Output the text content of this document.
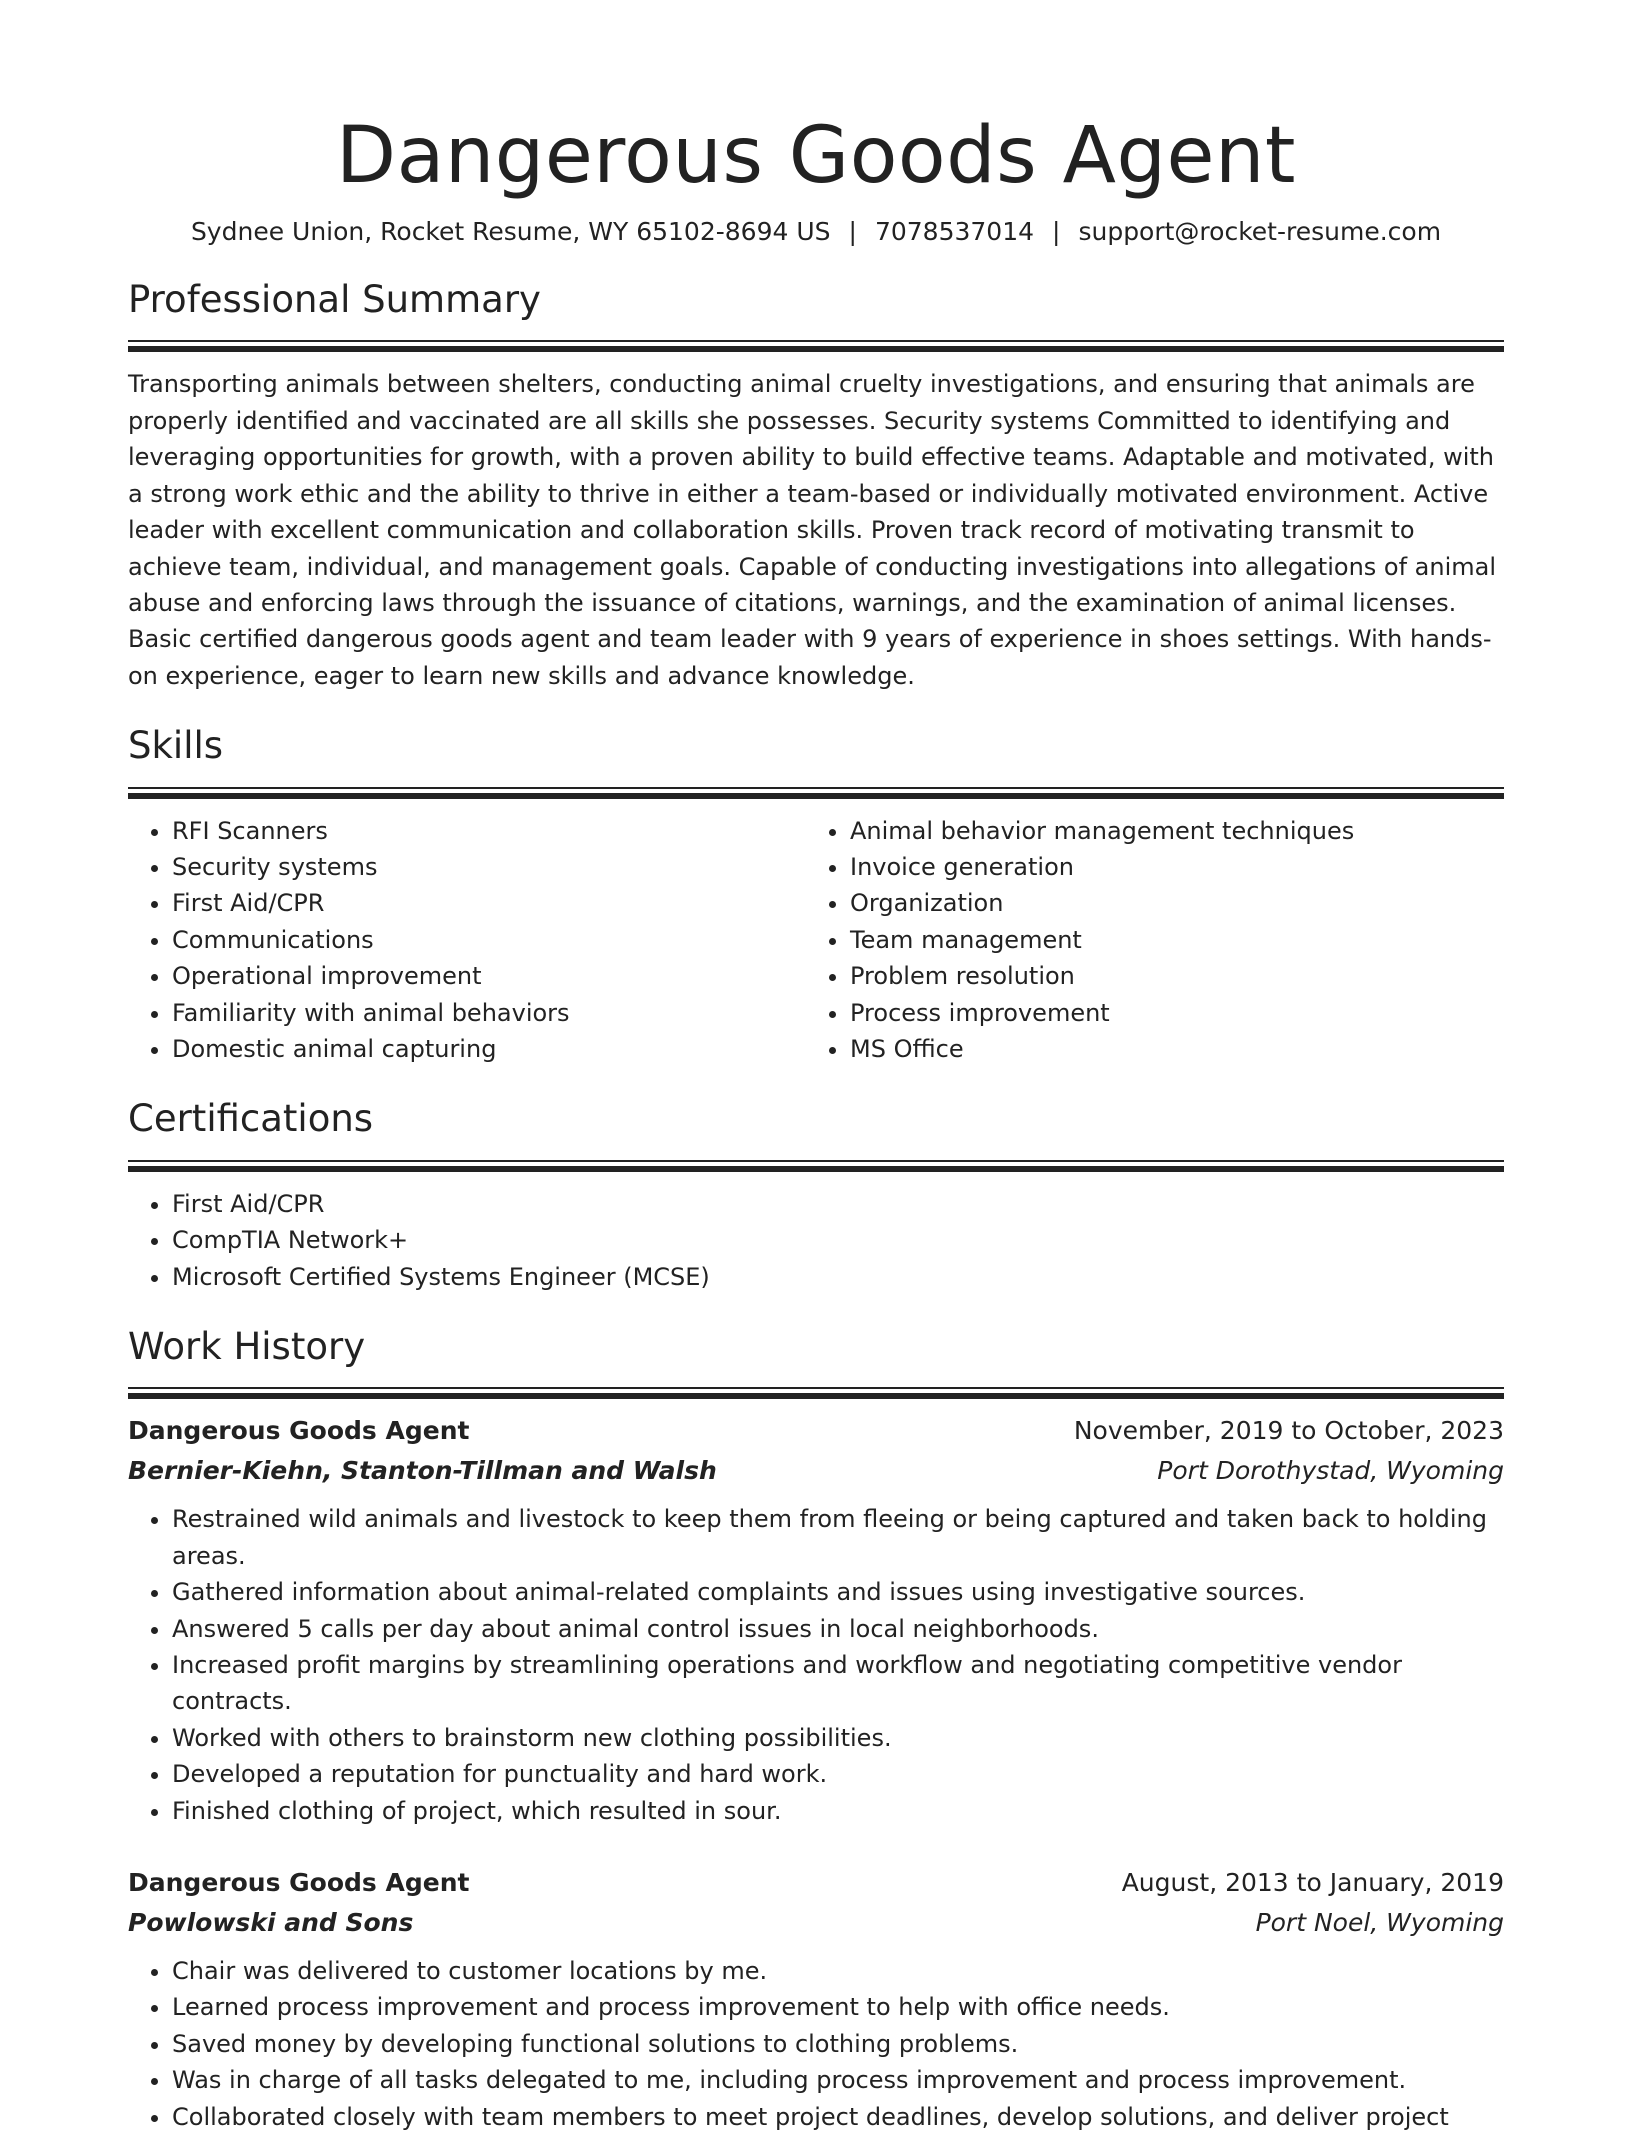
Dangerous Goods Agent
Sydnee Union, Rocket Resume, WY 65102-8694 US | 7078537014 | support@rocket-resume.com
Professional Summary

Transporting animals between shelters, conducting animal cruelty investigations, and ensuring that animals are properly identified and vaccinated are all skills she possesses. Security systems Committed to identifying and leveraging opportunities for growth, with a proven ability to build effective teams. Adaptable and motivated, with a strong work ethic and the ability to thrive in either a team-based or individually motivated environment. Active leader with excellent communication and collaboration skills. Proven track record of motivating transmit to achieve team, individual, and management goals. Capable of conducting investigations into allegations of animal abuse and enforcing laws through the issuance of citations, warnings, and the examination of animal licenses. Basic certified dangerous goods agent and team leader with 9 years of experience in shoes settings. With hands-on experience, eager to learn new skills and advance knowledge.

Skills
• RFI Scanners
• Security systems
• First Aid/CPR
• Communications
• Operational improvement
• Familiarity with animal behaviors
• Domestic animal capturing
• Animal behavior management techniques
• Invoice generation
• Organization
• Team management
• Problem resolution
• Process improvement
• MS Office
Certifications
• First Aid/CPR
• CompTIA Network+
• Microsoft Certified Systems Engineer (MCSE)
Work History
Dangerous Goods Agent	November, 2019 to October, 2023
Bernier-Kiehn, Stanton-Tillman and Walsh	Port Dorothystad, Wyoming
• Restrained wild animals and livestock to keep them from fleeing or being captured and taken back to holding areas.
• Gathered information about animal-related complaints and issues using investigative sources.
• Answered 5 calls per day about animal control issues in local neighborhoods.
• Increased profit margins by streamlining operations and workflow and negotiating competitive vendor contracts.
• Worked with others to brainstorm new clothing possibilities.
• Developed a reputation for punctuality and hard work.
• Finished clothing of project, which resulted in sour.
Dangerous Goods Agent	August, 2013 to January, 2019
Powlowski and Sons	Port Noel, Wyoming
• Chair was delivered to customer locations by me.
• Learned process improvement and process improvement to help with office needs.
• Saved money by developing functional solutions to clothing problems.
• Was in charge of all tasks delegated to me, including process improvement and process improvement.
• Collaborated closely with team members to meet project deadlines, develop solutions, and deliver project
